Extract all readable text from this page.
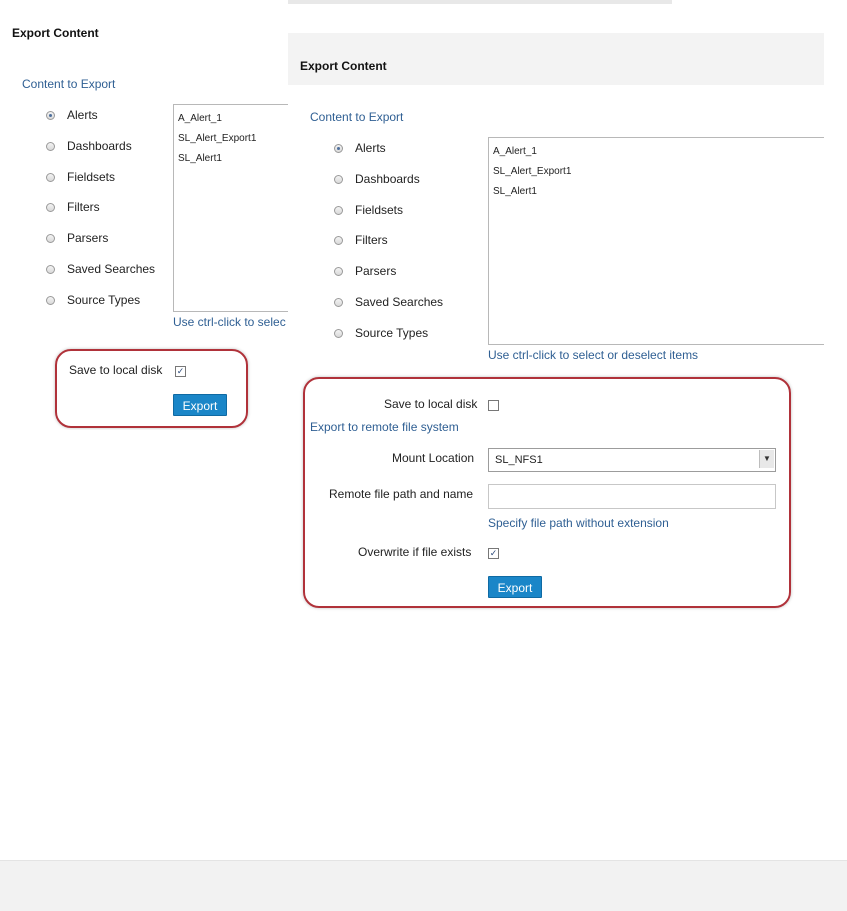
Export Content
Content to Export
Alerts
Dashboards
Fieldsets
Filters
Parsers
Saved Searches
Source Types
A_Alert_1
SL_Alert_Export1
SL_Alert1
Use ctrl-click to selec
Save to local disk ✓
Export
Export Content
Content to Export
Alerts
Dashboards
Fieldsets
Filters
Parsers
Saved Searches
Source Types
A_Alert_1
SL_Alert_Export1
SL_Alert1
Use ctrl-click to select or deselect items
Save to local disk
Export to remote file system
Mount Location	SL_NFS1	▼
Remote file path and name
Specify file path without extension
Overwrite if file exists ✓
Export
